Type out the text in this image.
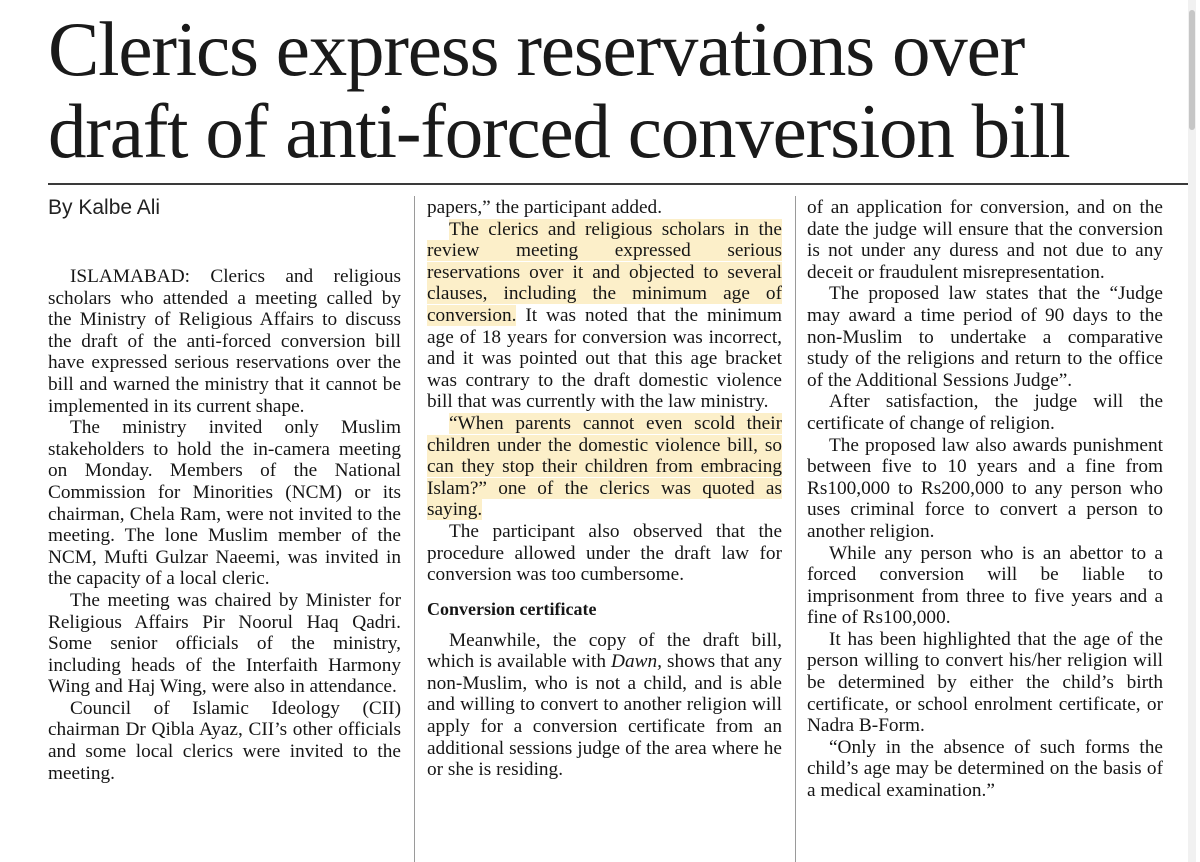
Clerics express reservations over
draft of anti-forced conversion bill
By Kalbe Ali

ISLAMABAD: Clerics and religious scholars who attended a meeting called by the Ministry of Religious Affairs to discuss the draft of the anti-forced conversion bill have expressed serious reservations over the bill and warned the ministry that it cannot be implemented in its current shape.

The ministry invited only Muslim stakeholders to hold the in-camera meeting on Monday. Members of the National Commission for Minorities (NCM) or its chairman, Chela Ram, were not invited to the meeting. The lone Muslim member of the NCM, Mufti Gulzar Naeemi, was invited in the capacity of a local cleric.

The meeting was chaired by Minister for Religious Affairs Pir Noorul Haq Qadri. Some senior officials of the ministry, including heads of the Interfaith Harmony Wing and Haj Wing, were also in attendance.

Council of Islamic Ideology (CII) chairman Dr Qibla Ayaz, CII’s other officials and some local clerics were invited to the meeting.

papers,” the participant added.

The clerics and religious scholars in the review meeting expressed serious reservations over it and objected to several clauses, including the minimum age of conversion. It was noted that the minimum age of 18 years for conversion was incorrect, and it was pointed out that this age bracket was contrary to the draft domestic violence bill that was currently with the law ministry.

“When parents cannot even scold their children under the domestic violence bill, so can they stop their children from embracing Islam?” one of the clerics was quoted as saying.

The participant also observed that the procedure allowed under the draft law for conversion was too cumbersome.

Conversion certificate

Meanwhile, the copy of the draft bill, which is available with Dawn, shows that any non-Muslim, who is not a child, and is able and willing to convert to another religion will apply for a conversion certificate from an additional sessions judge of the area where he or she is residing.

of an application for conversion, and on the date the judge will ensure that the conversion is not under any duress and not due to any deceit or fraudulent misrepresentation.

The proposed law states that the “Judge may award a time period of 90 days to the non-Muslim to undertake a comparative study of the religions and return to the office of the Additional Sessions Judge”.

After satisfaction, the judge will the certificate of change of religion.

The proposed law also awards punishment between five to 10 years and a fine from Rs100,000 to Rs200,000 to any person who uses criminal force to convert a person to another religion.

While any person who is an abettor to a forced conversion will be liable to imprisonment from three to five years and a fine of Rs100,000.

It has been highlighted that the age of the person willing to convert his/her religion will be determined by either the child’s birth certificate, or school enrolment certificate, or Nadra B-Form.

“Only in the absence of such forms the child’s age may be determined on the basis of a medical examination.”
